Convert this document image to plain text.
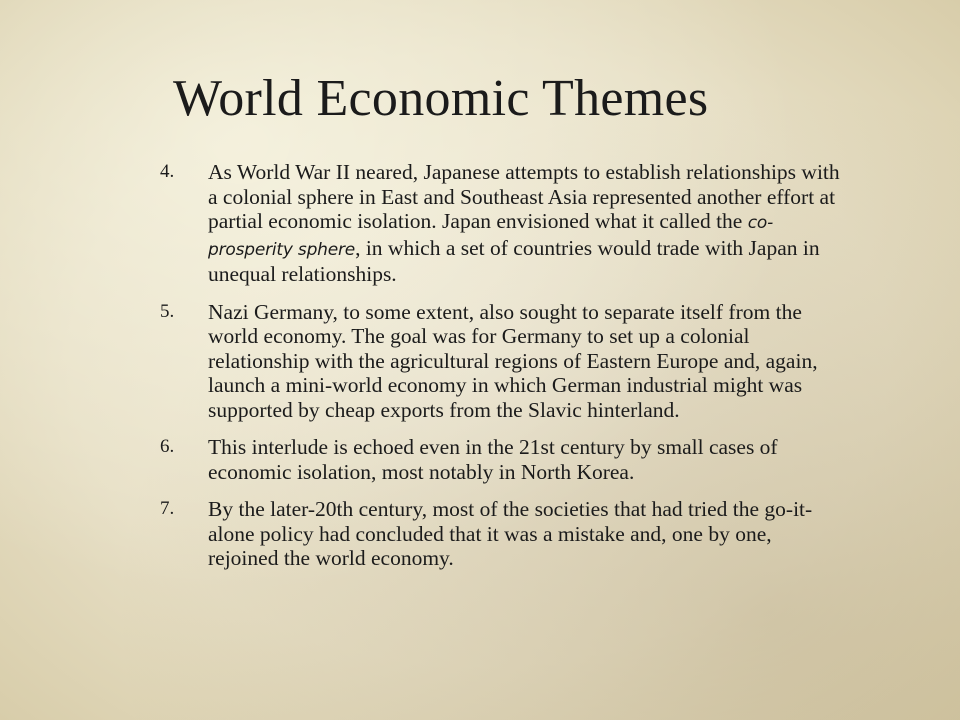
World Economic Themes
4.	As World War II neared, Japanese attempts to establish relationships with a colonial sphere in East and Southeast Asia represented another effort at partial economic isolation. Japan envisioned what it called the co-prosperity sphere, in which a set of countries would trade with Japan in unequal relationships.
5.	Nazi Germany, to some extent, also sought to separate itself from the world economy. The goal was for Germany to set up a colonial relationship with the agricultural regions of Eastern Europe and, again, launch a mini-world economy in which German industrial might was supported by cheap exports from the Slavic hinterland.
6.	This interlude is echoed even in the 21st century by small cases of economic isolation, most notably in North Korea.
7.	By the later-20th century, most of the societies that had tried the go-it-alone policy had concluded that it was a mistake and, one by one, rejoined the world economy.
